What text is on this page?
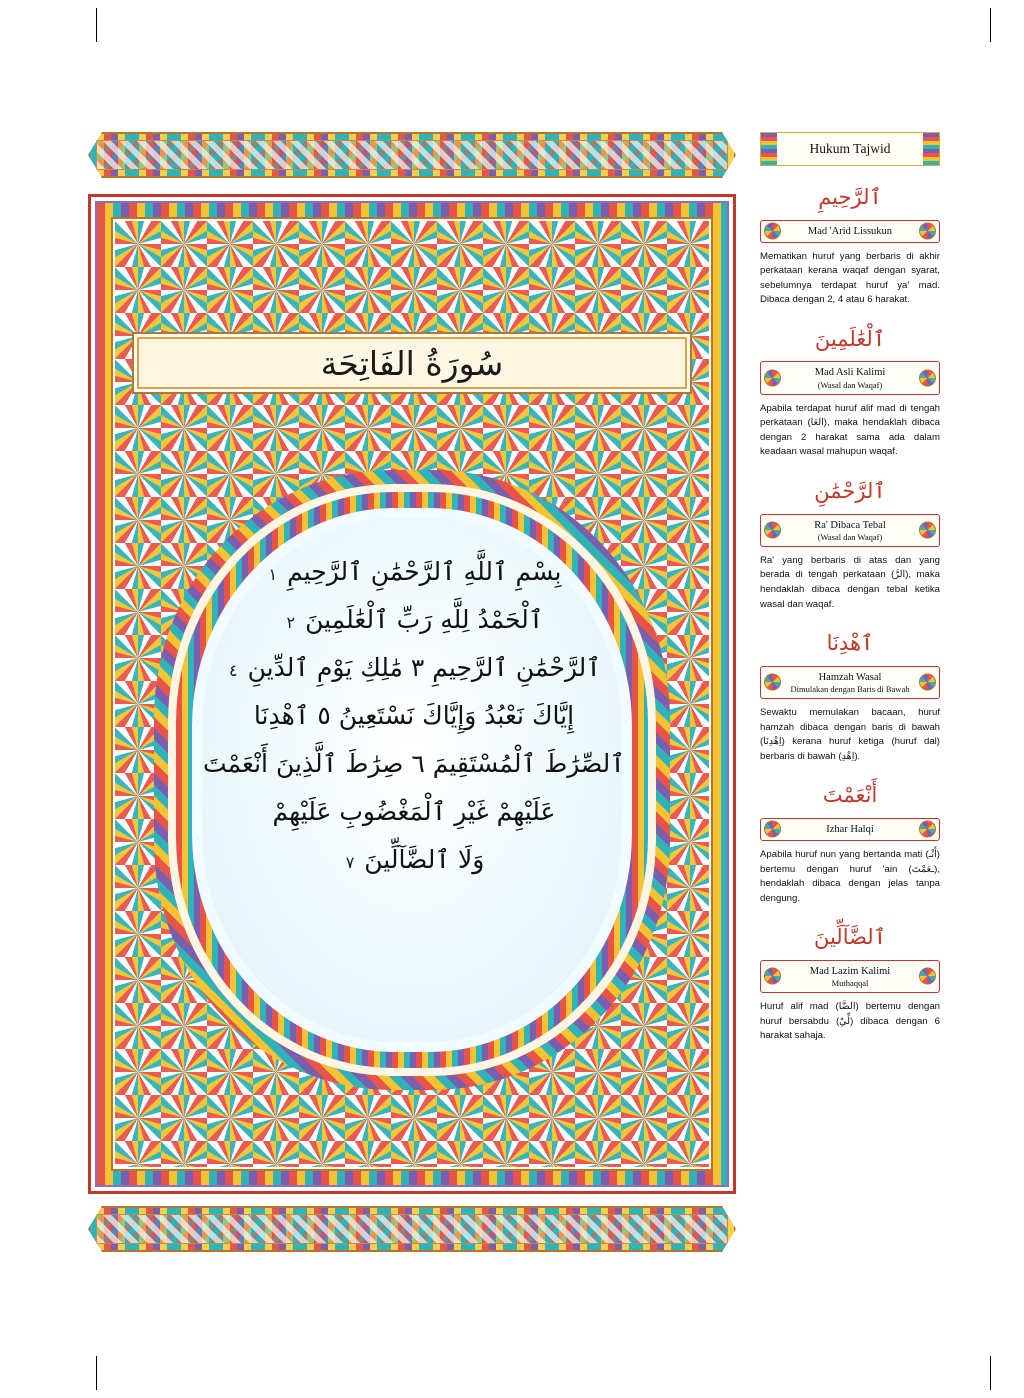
سُورَةُ الفَاتِحَة
بِسْمِ ٱللَّهِ ٱلرَّحْمَٰنِ ٱلرَّحِيمِ ١
ٱلْحَمْدُ لِلَّهِ رَبِّ ٱلْعَٰلَمِينَ ٢
ٱلرَّحْمَٰنِ ٱلرَّحِيمِ ٣ مَٰلِكِ يَوْمِ ٱلدِّينِ ٤
إِيَّاكَ نَعْبُدُ وَإِيَّاكَ نَسْتَعِينُ ٥ ٱهْدِنَا
ٱلصِّرَٰطَ ٱلْمُسْتَقِيمَ ٦ صِرَٰطَ ٱلَّذِينَ أَنْعَمْتَ
عَلَيْهِمْ غَيْرِ ٱلْمَغْضُوبِ عَلَيْهِمْ
وَلَا ٱلضَّآلِّينَ ٧
Hukum Tajwid
ٱلرَّحِيمِ
Mad 'Arid Lissukun
Mematikan huruf yang berbaris di akhir perkataan kerana waqaf dengan syarat, sebelumnya terdapat huruf ya' mad. Dibaca dengan 2, 4 atau 6 harakat.
ٱلْعَٰلَمِينَ
Mad Asli Kalimi
(Wasal dan Waqaf)
Apabila terdapat huruf alif mad di tengah perkataan (العَا), maka hendaklah dibaca dengan 2 harakat sama ada dalam keadaan wasal mahupun waqaf.
ٱلرَّحْمَٰنِ
Ra' Dibaca Tebal
(Wasal dan Waqaf)
Ra' yang berbaris di atas dan yang berada di tengah perkataan (الرَّ), maka hendaklah dibaca dengan tebal ketika wasal dan waqaf.
ٱهْدِنَا
Hamzah Wasal
Dimulakan dengan Baris di Bawah
Sewaktu memulakan bacaan, huruf hamzah dibaca dengan baris di bawah (اِهْدِنَا) kerana huruf ketiga (huruf dal) berbaris di bawah (اِهْدِ).
أَنْعَمْتَ
Izhar Halqi
Apabila huruf nun yang bertanda mati (أَنْـ) bertemu dengan huruf 'ain (ـعَمْتَ), hendaklah dibaca dengan jelas tanpa dengung.
ٱلضَّآلِّينَ
Mad Lazim Kalimi
Muthaqqal
Huruf alif mad (الضَّا) bertemu dengan huruf bersabdu (لِّيْ) dibaca dengan 6 harakat sahaja.
